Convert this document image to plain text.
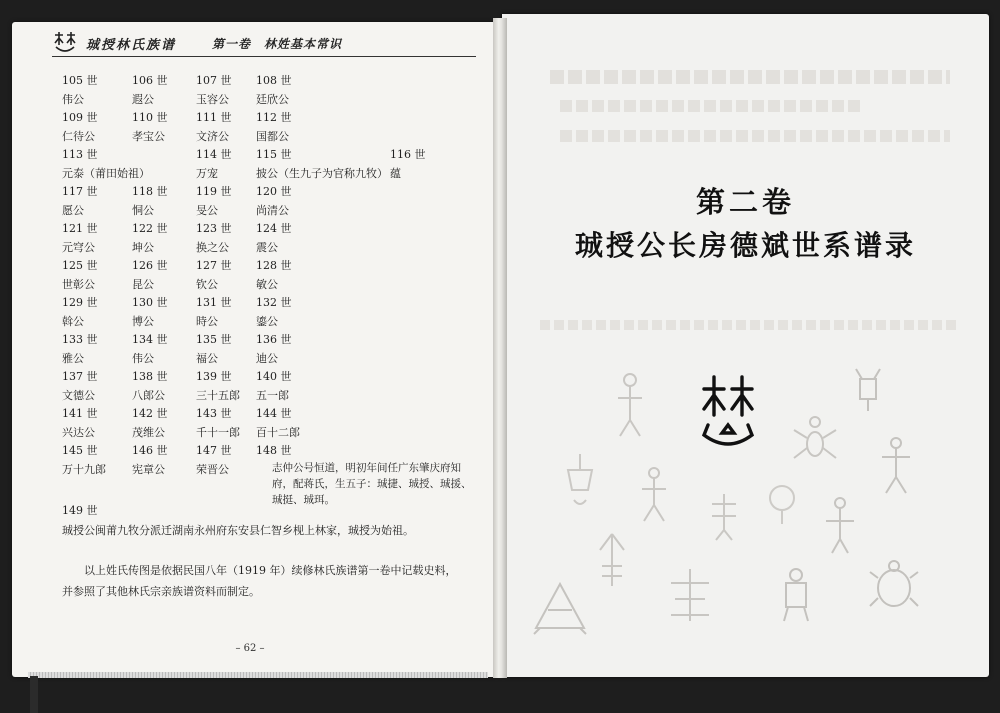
珹授林氏族谱	第一卷　林姓基本常识
105 世	106 世	107 世 108 世
伟公	遐公	玉容公 廷欣公
109 世	110 世	111 世 112 世
仁待公	孝宝公	文济公 国都公
113 世	114 世 115 世	116 世
元泰（莆田始祖）	万宠	披公（生九子为官称九牧） 蕴
117 世	118 世	119 世 120 世
愿公	恫公	旻公	尚清公
121 世	122 世	123 世 124 世
元穹公	坤公	换之公 震公
125 世	126 世	127 世 128 世
世彰公	昆公	钦公	敏公
129 世	130 世	131 世 132 世
斡公	博公	時公	鎏公
133 世	134 世	135 世 136 世
雅公	伟公	福公	迪公
137 世	138 世	139 世 140 世
文德公	八郎公	三十五郎 五一郎
141 世	142 世	143 世 144 世
兴达公	茂维公	千十一郎 百十二郎
145 世	146 世	147 世 148 世
万十九郎 宪章公	荣晋公	志仲公号恒道，明初年间任广东肇庆府知府，配蒋氏，生五子：珹捷、珹授、珹援、珹挺、珹珥。
149 世
珹授公闽莆九牧分派迁湖南永州府东安县仁智乡枧上林家，珹授为始祖。
以上姓氏传图是依据民国八年（1919 年）续修林氏族谱第一卷中记载史料，
并参照了其他林氏宗亲族谱资料而制定。
– 62 –
第二卷
珹授公长房德斌世系谱录
